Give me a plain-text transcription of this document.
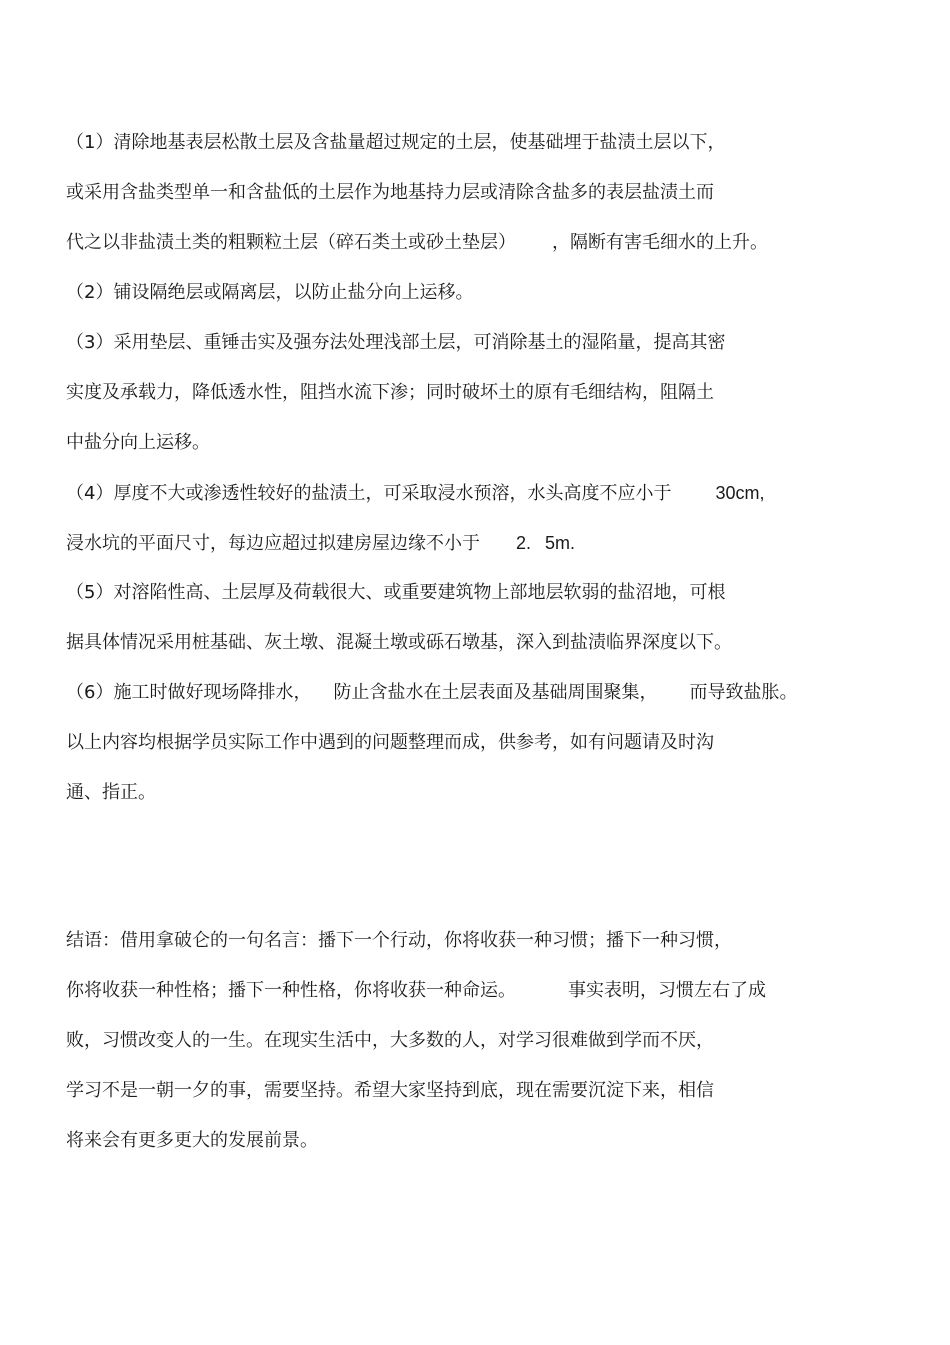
（1）清除地基表层松散土层及含盐量超过规定的土层，使基础埋于盐渍土层以下，
或采用含盐类型单一和含盐低的土层作为地基持力层或清除含盐多的表层盐渍土而
代之以非盐渍土类的粗颗粒土层（碎石类土或砂土垫层） ，隔断有害毛细水的上升。
（2）铺设隔绝层或隔离层，以防止盐分向上运移。
（3）采用垫层、重锤击实及强夯法处理浅部土层，可消除基土的湿陷量，提高其密
实度及承载力，降低透水性，阻挡水流下渗；同时破坏土的原有毛细结构，阻隔土
中盐分向上运移。
（4）厚度不大或渗透性较好的盐渍土，可采取浸水预溶，水头高度不应小于 30cm,
浸水坑的平面尺寸，每边应超过拟建房屋边缘不小于 2. 5m.
（5）对溶陷性高、土层厚及荷载很大、或重要建筑物上部地层软弱的盐沼地，可根
据具体情况采用桩基础、灰土墩、混凝土墩或砾石墩基，深入到盐渍临界深度以下。
（6）施工时做好现场降排水， 防止含盐水在土层表面及基础周围聚集， 而导致盐胀。
以上内容均根据学员实际工作中遇到的问题整理而成，供参考，如有问题请及时沟
通、指正。
结语：借用拿破仑的一句名言：播下一个行动，你将收获一种习惯；播下一种习惯，
你将收获一种性格；播下一种性格，你将收获一种命运。	事实表明，习惯左右了成
败，习惯改变人的一生。在现实生活中，大多数的人，对学习很难做到学而不厌，
学习不是一朝一夕的事，需要坚持。希望大家坚持到底，现在需要沉淀下来，相信
将来会有更多更大的发展前景。
